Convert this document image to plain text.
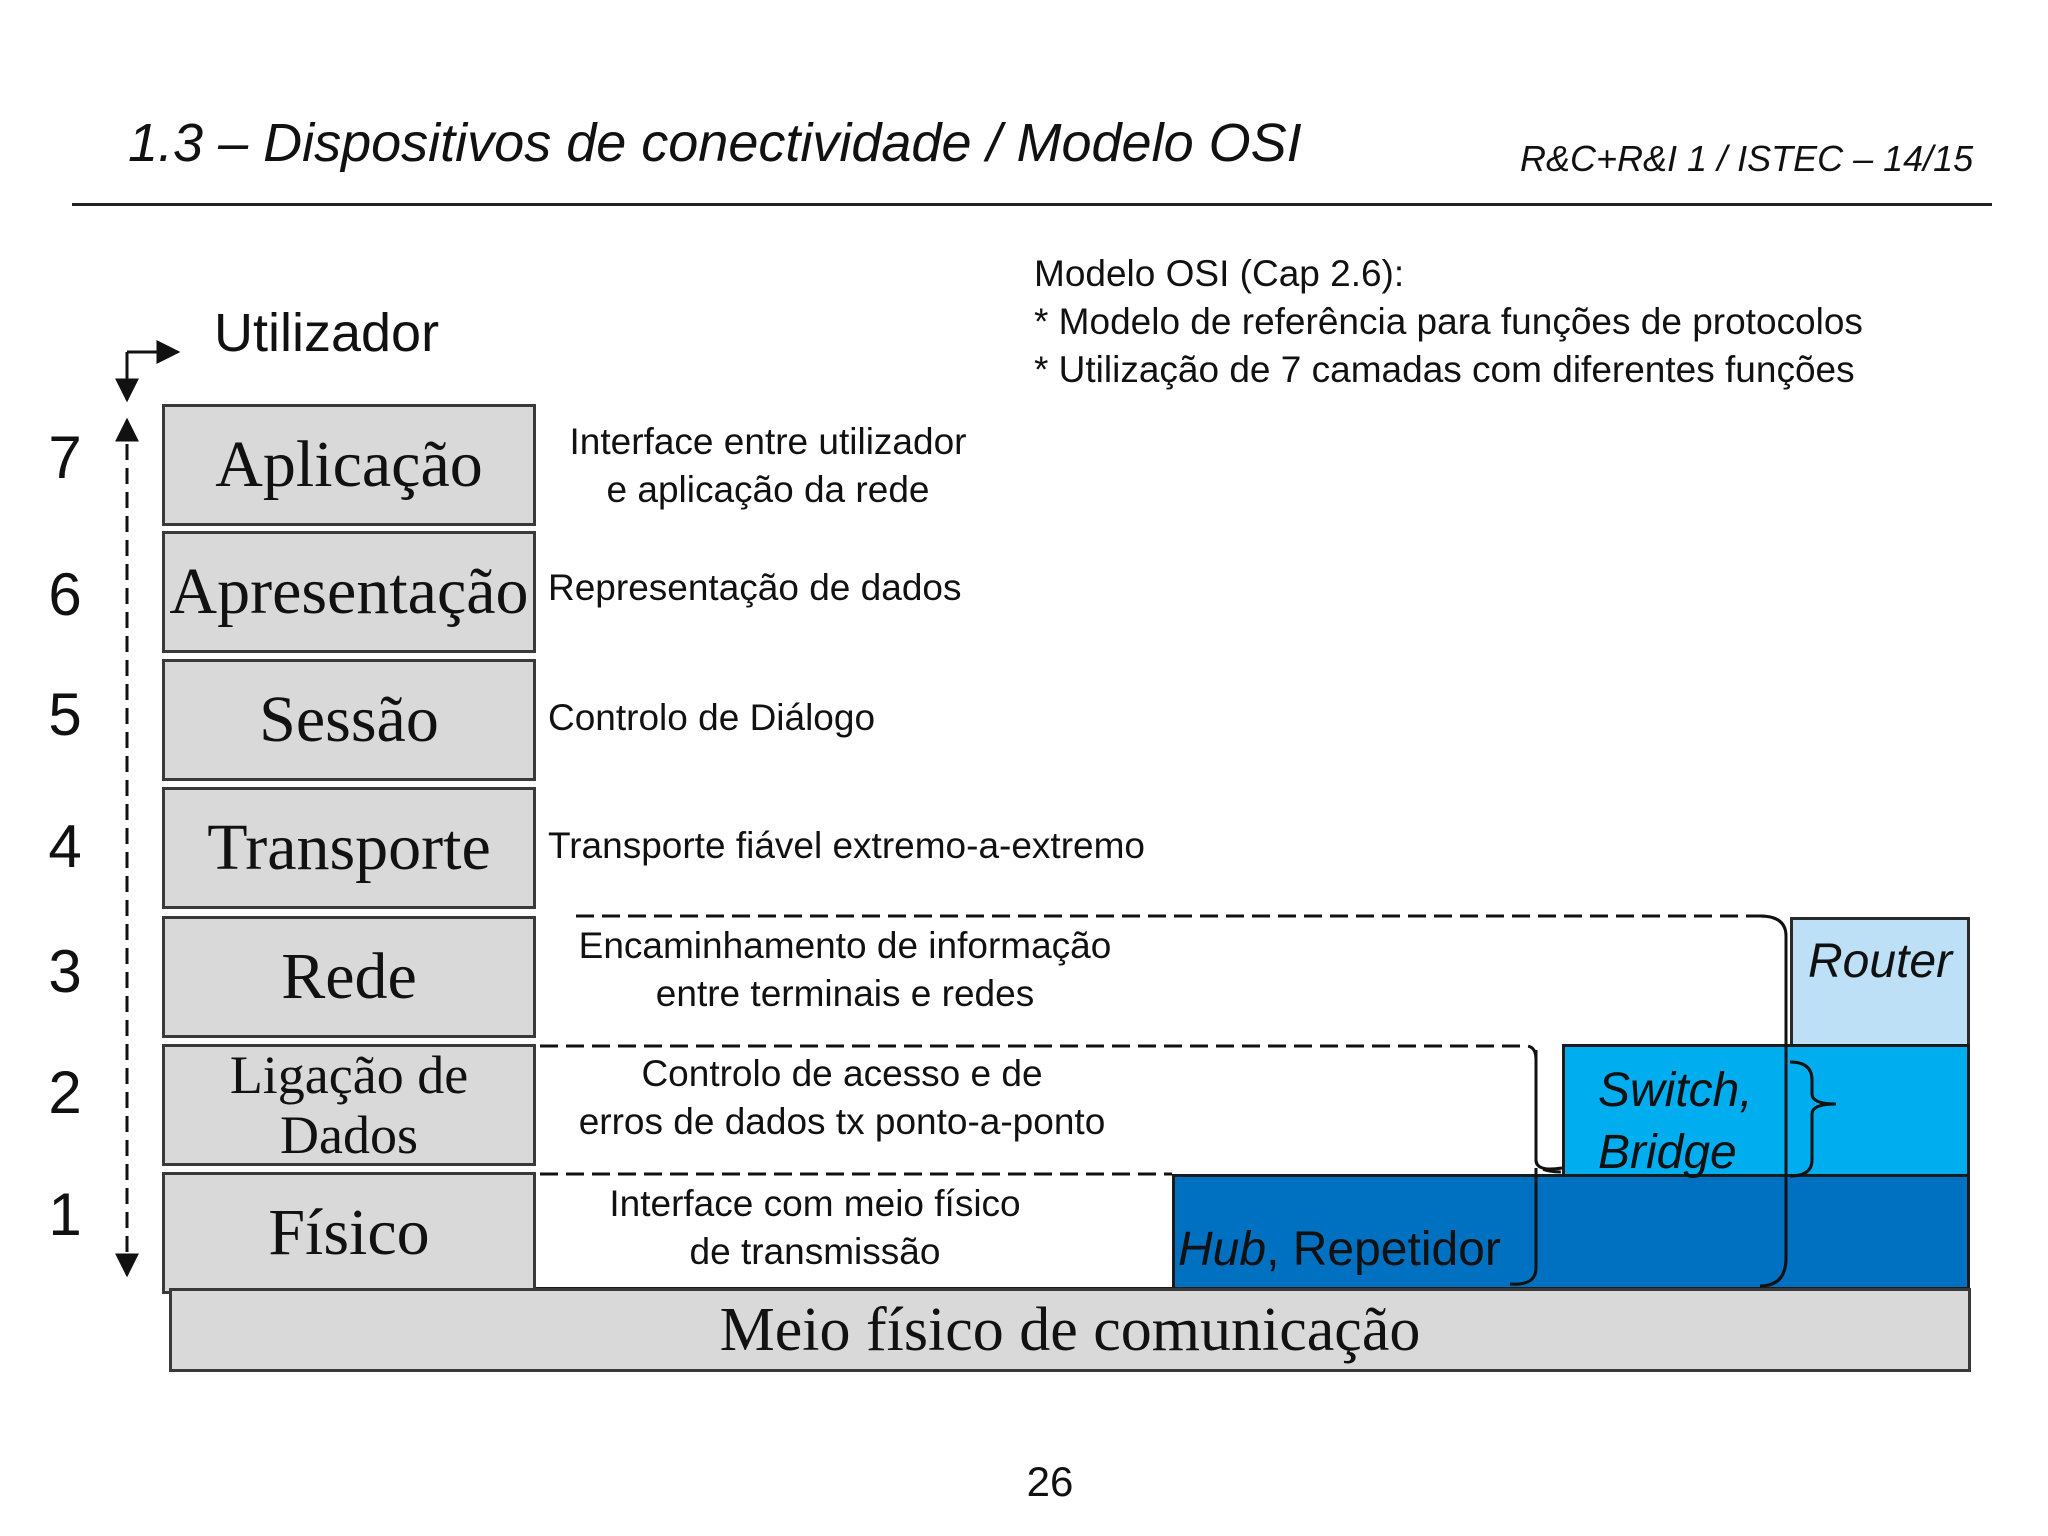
1.3 – Dispositivos de conectividade / Modelo OSI	R&C+R&I 1 / ISTEC – 14/15
Modelo OSI (Cap 2.6):
* Modelo de referência para funções de protocolos
* Utilização de 7 camadas com diferentes funções
Utilizador
7
6
5
4
3
2
1
Aplicação
Apresentação
Sessão
Transporte
Rede
Ligação de Dados
Físico
Interface entre utilizador
e aplicação da rede
Representação de dados
Controlo de Diálogo
Transporte fiável extremo-a-extremo
Encaminhamento de informação
entre terminais e redes
Controlo de acesso e de
erros de dados tx ponto-a-ponto
Interface com meio físico
de transmissão
Router
Switch,
Bridge
Hub, Repetidor
Meio físico de comunicação
26
